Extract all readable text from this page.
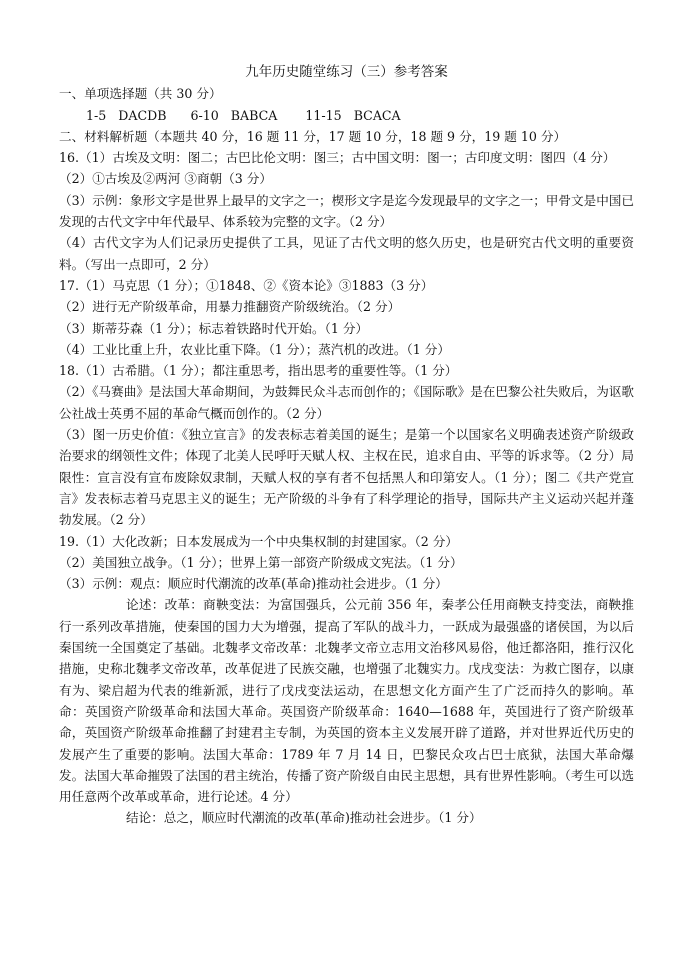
九年历史随堂练习（三）参考答案

一、单项选择题（共 30 分）

1-5   DACDB      6-10   BABCA       11-15   BCACA

二、材料解析题（本题共 40 分，16 题 11 分，17 题 10 分，18 题 9 分，19 题 10 分）

16.（1）古埃及文明：图二；古巴比伦文明：图三；古中国文明：图一；古印度文明：图四（4 分）

（2）①古埃及②两河 ③商朝（3 分）

（3）示例：象形文字是世界上最早的文字之一；楔形文字是迄今发现最早的文字之一；甲骨文是中国已发现的古代文字中年代最早、体系较为完整的文字。（2 分）

（4）古代文字为人们记录历史提供了工具，见证了古代文明的悠久历史，也是研究古代文明的重要资料。（写出一点即可，2 分）

17.（1）马克思（1 分）；①1848、②《资本论》③1883（3 分）

（2）进行无产阶级革命，用暴力推翻资产阶级统治。（2 分）

（3）斯蒂芬森（1 分）；标志着铁路时代开始。（1 分）

（4）工业比重上升，农业比重下降。（1 分）；蒸汽机的改进。（1 分）

18.（1）古希腊。（1 分）；都注重思考，指出思考的重要性等。（1 分）

（2）《马赛曲》是法国大革命期间，为鼓舞民众斗志而创作的；《国际歌》是在巴黎公社失败后，为讴歌公社战士英勇不屈的革命气概而创作的。（2 分）

（3）图一历史价值：《独立宣言》的发表标志着美国的诞生；是第一个以国家名义明确表述资产阶级政治要求的纲领性文件；体现了北美人民呼吁天赋人权、主权在民，追求自由、平等的诉求等。（2 分）局限性：宣言没有宣布废除奴隶制，天赋人权的享有者不包括黑人和印第安人。（1 分）；图二《共产党宣言》发表标志着马克思主义的诞生；无产阶级的斗争有了科学理论的指导，国际共产主义运动兴起并蓬勃发展。（2 分）

19.（1）大化改新；日本发展成为一个中央集权制的封建国家。（2 分）

（2）美国独立战争。（1 分）；世界上第一部资产阶级成文宪法。（1 分）

（3）示例：观点：顺应时代潮流的改革(革命)推动社会进步。（1 分）

论述：改革：商鞅变法：为富国强兵，公元前 356 年，秦孝公任用商鞅支持变法，商鞅推行一系列改革措施，使秦国的国力大为增强，提高了军队的战斗力，一跃成为最强盛的诸侯国，为以后秦国统一全国奠定了基础。北魏孝文帝改革：北魏孝文帝立志用文治移风易俗，他迁都洛阳，推行汉化措施，史称北魏孝文帝改革，改革促进了民族交融，也增强了北魏实力。戊戌变法：为救亡图存，以康有为、梁启超为代表的维新派，进行了戊戌变法运动，在思想文化方面产生了广泛而持久的影响。革命：英国资产阶级革命和法国大革命。英国资产阶级革命：1640—1688 年，英国进行了资产阶级革命，英国资产阶级革命推翻了封建君主专制，为英国的资本主义发展开辟了道路，并对世界近代历史的发展产生了重要的影响。法国大革命：1789 年 7 月 14 日，巴黎民众攻占巴士底狱，法国大革命爆发。法国大革命摧毁了法国的君主统治，传播了资产阶级自由民主思想，具有世界性影响。（考生可以选用任意两个改革或革命，进行论述。4 分）

结论：总之，顺应时代潮流的改革(革命)推动社会进步。（1 分）
